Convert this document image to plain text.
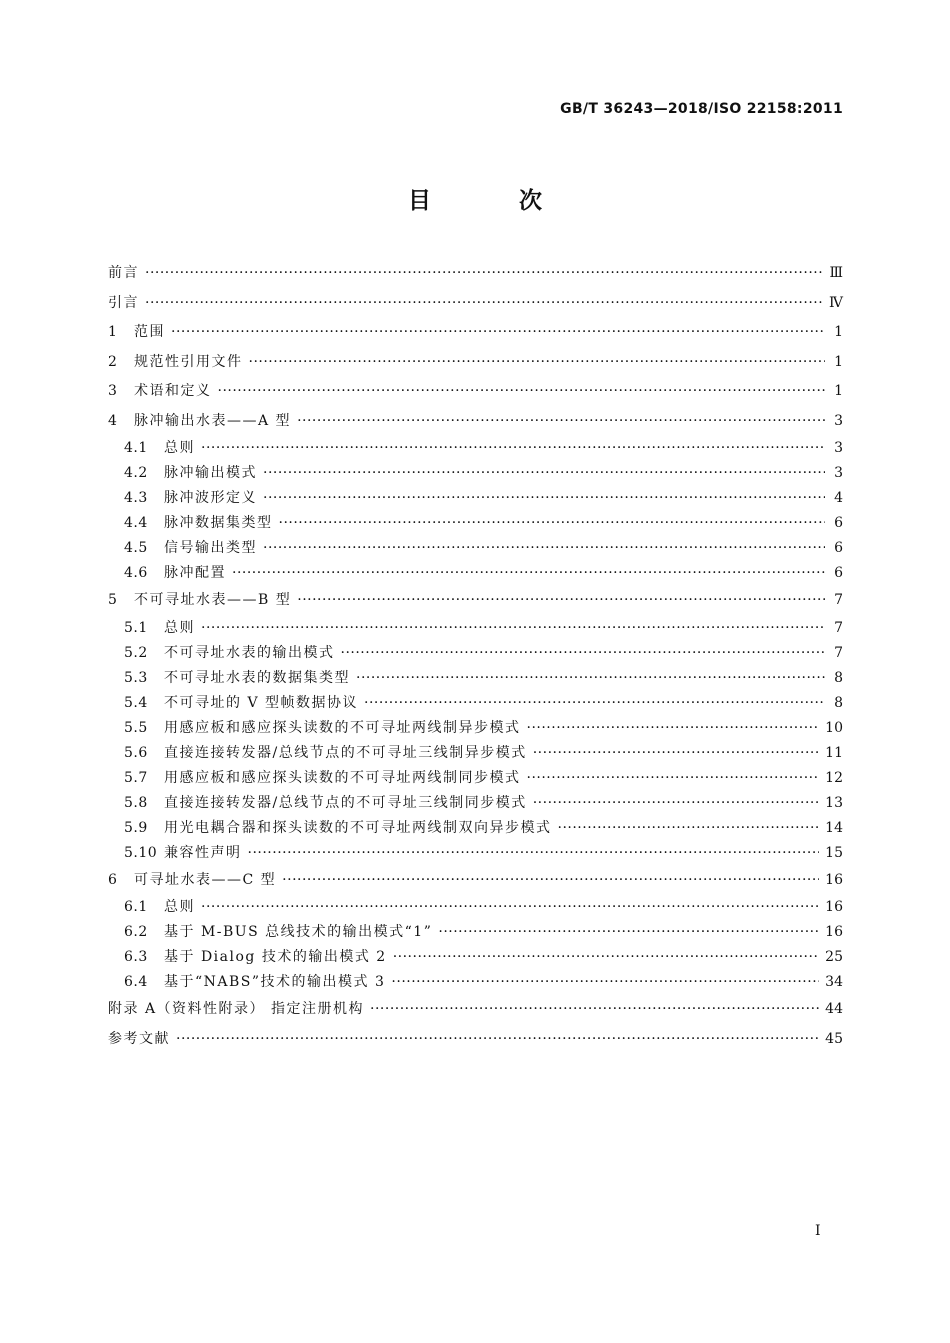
GB/T 36243—2018/ISO 22158:2011
目 次
前言 ·····	Ⅲ
引言 ·····	Ⅳ
1	范围 ·····	1
2	规范性引用文件 ·····	1
3	术语和定义 ·····	1
4	脉冲输出水表——A 型 ·····	3
4.1	总则 ·····	3
4.2	脉冲输出模式 ·····	3
4.3	脉冲波形定义 ·····	4
4.4	脉冲数据集类型 ·····	6
4.5	信号输出类型 ·····	6
4.6	脉冲配置 ·····	6
5	不可寻址水表——B 型 ·····	7
5.1	总则 ·····	7
5.2	不可寻址水表的输出模式 ·····	7
5.3	不可寻址水表的数据集类型 ·····	8
5.4	不可寻址的 V 型帧数据协议 ·····	8
5.5	用感应板和感应探头读数的不可寻址两线制异步模式 ·····	10
5.6	直接连接转发器/总线节点的不可寻址三线制异步模式 ·····	11
5.7	用感应板和感应探头读数的不可寻址两线制同步模式 ·····	12
5.8	直接连接转发器/总线节点的不可寻址三线制同步模式 ·····	13
5.9	用光电耦合器和探头读数的不可寻址两线制双向异步模式 ·····	14
5.10 兼容性声明 ·····	15
6	可寻址水表——C 型 ·····	16
6.1	总则 ·····	16
6.2	基于 M-BUS 总线技术的输出模式“1” ·····	16
6.3	基于 Dialog 技术的输出模式 2 ·····	25
6.4	基于“NABS”技术的输出模式 3 ·····	34
附录 A（资料性附录） 指定注册机构 ·····	44
参考文献 ·····	45
I
